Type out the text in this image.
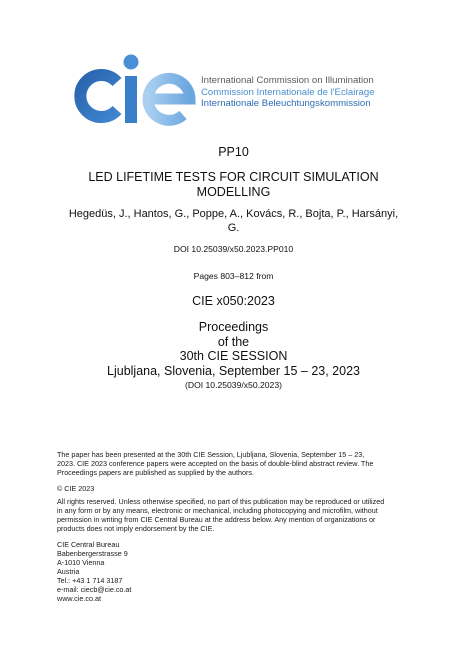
International Commission on Illumination
Commission Internationale de l'Eclairage
Internationale Beleuchtungskommission
PP10
LED LIFETIME TESTS FOR CIRCUIT SIMULATION
MODELLING
Hegedüs, J., Hantos, G., Poppe, A., Kovács, R., Bojta, P., Harsányi,
G.
DOI 10.25039/x50.2023.PP010
Pages 803–812 from
CIE x050:2023
Proceedings
of the
30th CIE SESSION
Ljubljana, Slovenia, September 15 – 23, 2023
(DOI 10.25039/x50.2023)
The paper has been presented at the 30th CIE Session, Ljubljana, Slovenia, September 15 – 23,
2023. CIE 2023 conference papers were accepted on the basis of double-blind abstract review. The
Proceedings papers are published as supplied by the authors.
© CIE 2023
All rights reserved. Unless otherwise specified, no part of this publication may be reproduced or utilized
in any form or by any means, electronic or mechanical, including photocopying and microfilm, without
permission in writing from CIE Central Bureau at the address below. Any mention of organizations or
products does not imply endorsement by the CIE.
CIE Central Bureau
Babenbergerstrasse 9
A-1010 Vienna
Austria
Tel.: +43 1 714 3187
e-mail: ciecb@cie.co.at
www.cie.co.at
